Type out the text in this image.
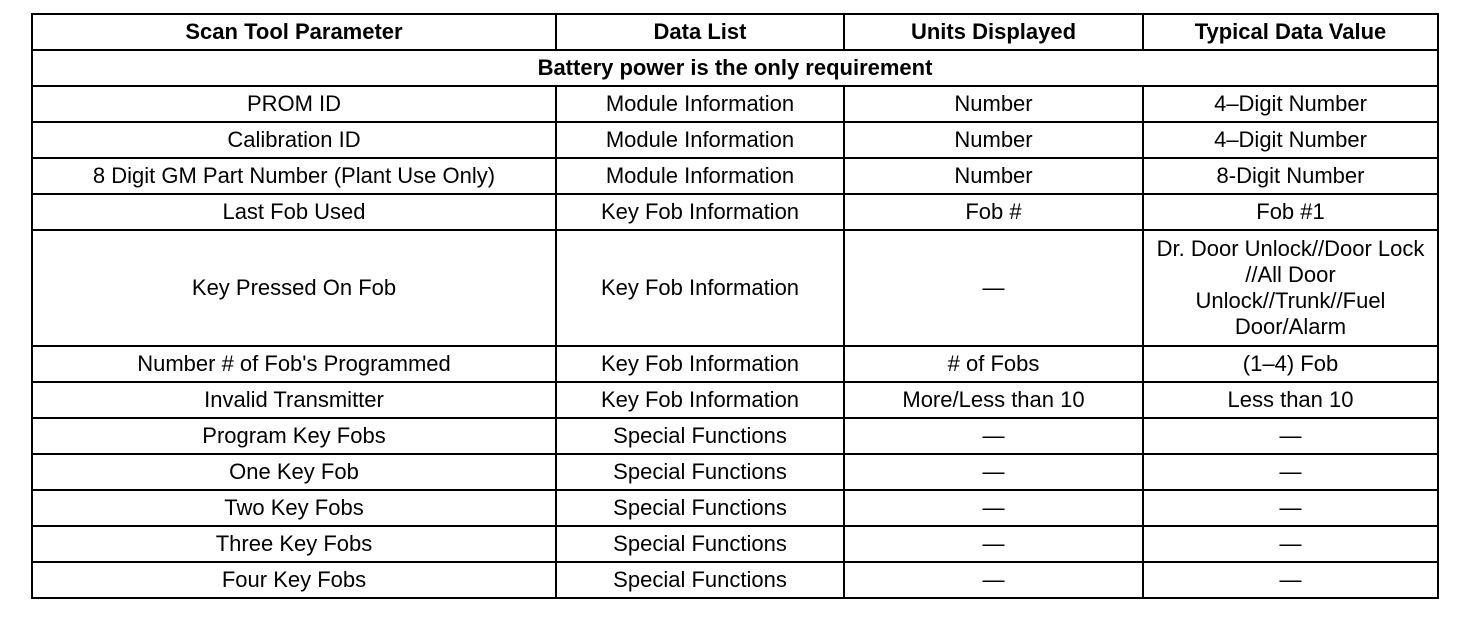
Scan Tool Parameter	Data List	Units Displayed	Typical Data Value
Battery power is the only requirement			
PROM ID	Module Information	Number	4–Digit Number
Calibration ID	Module Information	Number	4–Digit Number
8 Digit GM Part Number (Plant Use Only)	Module Information	Number	8-Digit Number
Last Fob Used	Key Fob Information	Fob #	Fob #1
Key Pressed On Fob	Key Fob Information	—	Dr. Door Unlock//Door Lock //All Door Unlock//Trunk//Fuel Door/Alarm
Number # of Fob's Programmed	Key Fob Information	# of Fobs	(1–4) Fob
Invalid Transmitter	Key Fob Information	More/Less than 10	Less than 10
Program Key Fobs	Special Functions	—	—
One Key Fob	Special Functions	—	—
Two Key Fobs	Special Functions	—	—
Three Key Fobs	Special Functions	—	—
Four Key Fobs	Special Functions	—	—
